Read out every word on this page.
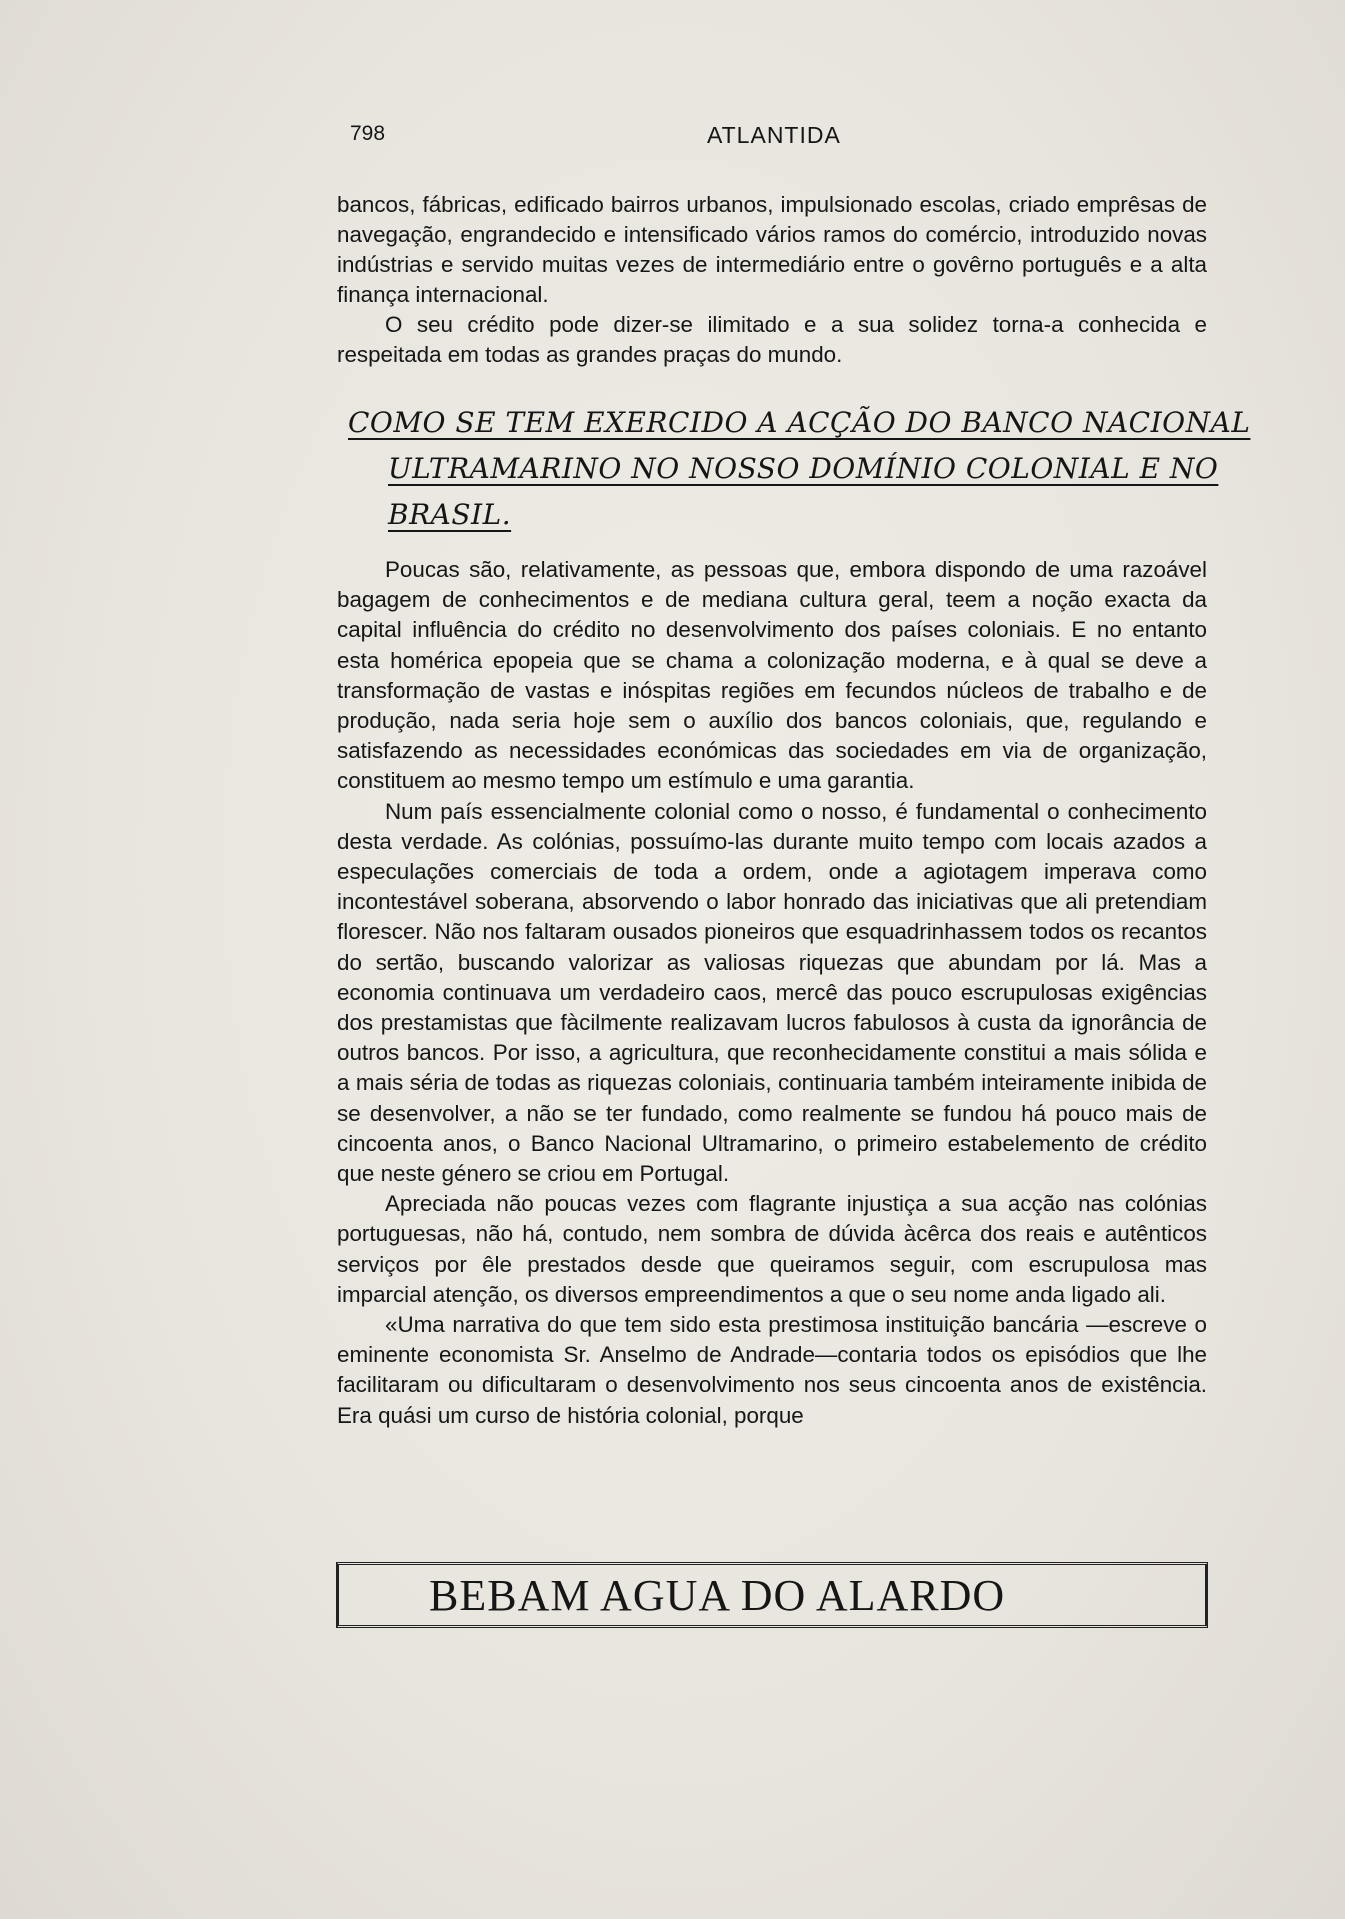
798	ATLANTIDA

bancos, fábricas, edificado bairros urbanos, impulsionado escolas, criado emprêsas de navegação, engrandecido e intensificado vários ramos do comércio, introduzido novas indústrias e servido muitas vezes de intermediário entre o govêrno português e a alta finança internacional.

O seu crédito pode dizer-se ilimitado e a sua solidez torna-a conhecida e respeitada em todas as grandes praças do mundo.

COMO SE TEM EXERCIDO A ACÇÃO DO BANCO NACIONAL
ULTRAMARINO NO NOSSO DOMÍNIO COLONIAL E NO
BRASIL.

Poucas são, relativamente, as pessoas que, embora dispondo de uma razoável bagagem de conhecimentos e de mediana cultura geral, teem a noção exacta da capital influência do crédito no desenvolvimento dos países coloniais. E no entanto esta homérica epopeia que se chama a colonização moderna, e à qual se deve a transformação de vastas e inóspitas regiões em fecundos núcleos de trabalho e de produção, nada seria hoje sem o auxílio dos bancos coloniais, que, regulando e satisfazendo as necessidades económicas das sociedades em via de organização, constituem ao mesmo tempo um estímulo e uma garantia.

Num país essencialmente colonial como o nosso, é fundamental o conhecimento desta verdade. As colónias, possuímo-las durante muito tempo com locais azados a especulações comerciais de toda a ordem, onde a agiotagem imperava como incontestável soberana, absorvendo o labor honrado das iniciativas que ali pretendiam florescer. Não nos faltaram ousados pioneiros que esquadrinhassem todos os recantos do sertão, buscando valorizar as valiosas riquezas que abundam por lá. Mas a economia continuava um verdadeiro caos, mercê das pouco escrupulosas exigências dos prestamistas que fàcilmente realizavam lucros fabulosos à custa da ignorância de outros bancos. Por isso, a agricultura, que reconhecidamente constitui a mais sólida e a mais séria de todas as riquezas coloniais, continuaria também inteiramente inibida de se desenvolver, a não se ter fundado, como realmente se fundou há pouco mais de cincoenta anos, o Banco Nacional Ultramarino, o primeiro estabelemento de crédito que neste género se criou em Portugal.

Apreciada não poucas vezes com flagrante injustiça a sua acção nas colónias portuguesas, não há, contudo, nem sombra de dúvida àcêrca dos reais e autênticos serviços por êle prestados desde que queiramos seguir, com escrupulosa mas imparcial atenção, os diversos empreendimentos a que o seu nome anda ligado ali.

«Uma narrativa do que tem sido esta prestimosa instituição bancária —escreve o eminente economista Sr. Anselmo de Andrade—contaria todos os episódios que lhe facilitaram ou dificultaram o desenvolvimento nos seus cincoenta anos de existência. Era quási um curso de história colonial, porque

BEBAM AGUA DO ALARDO
